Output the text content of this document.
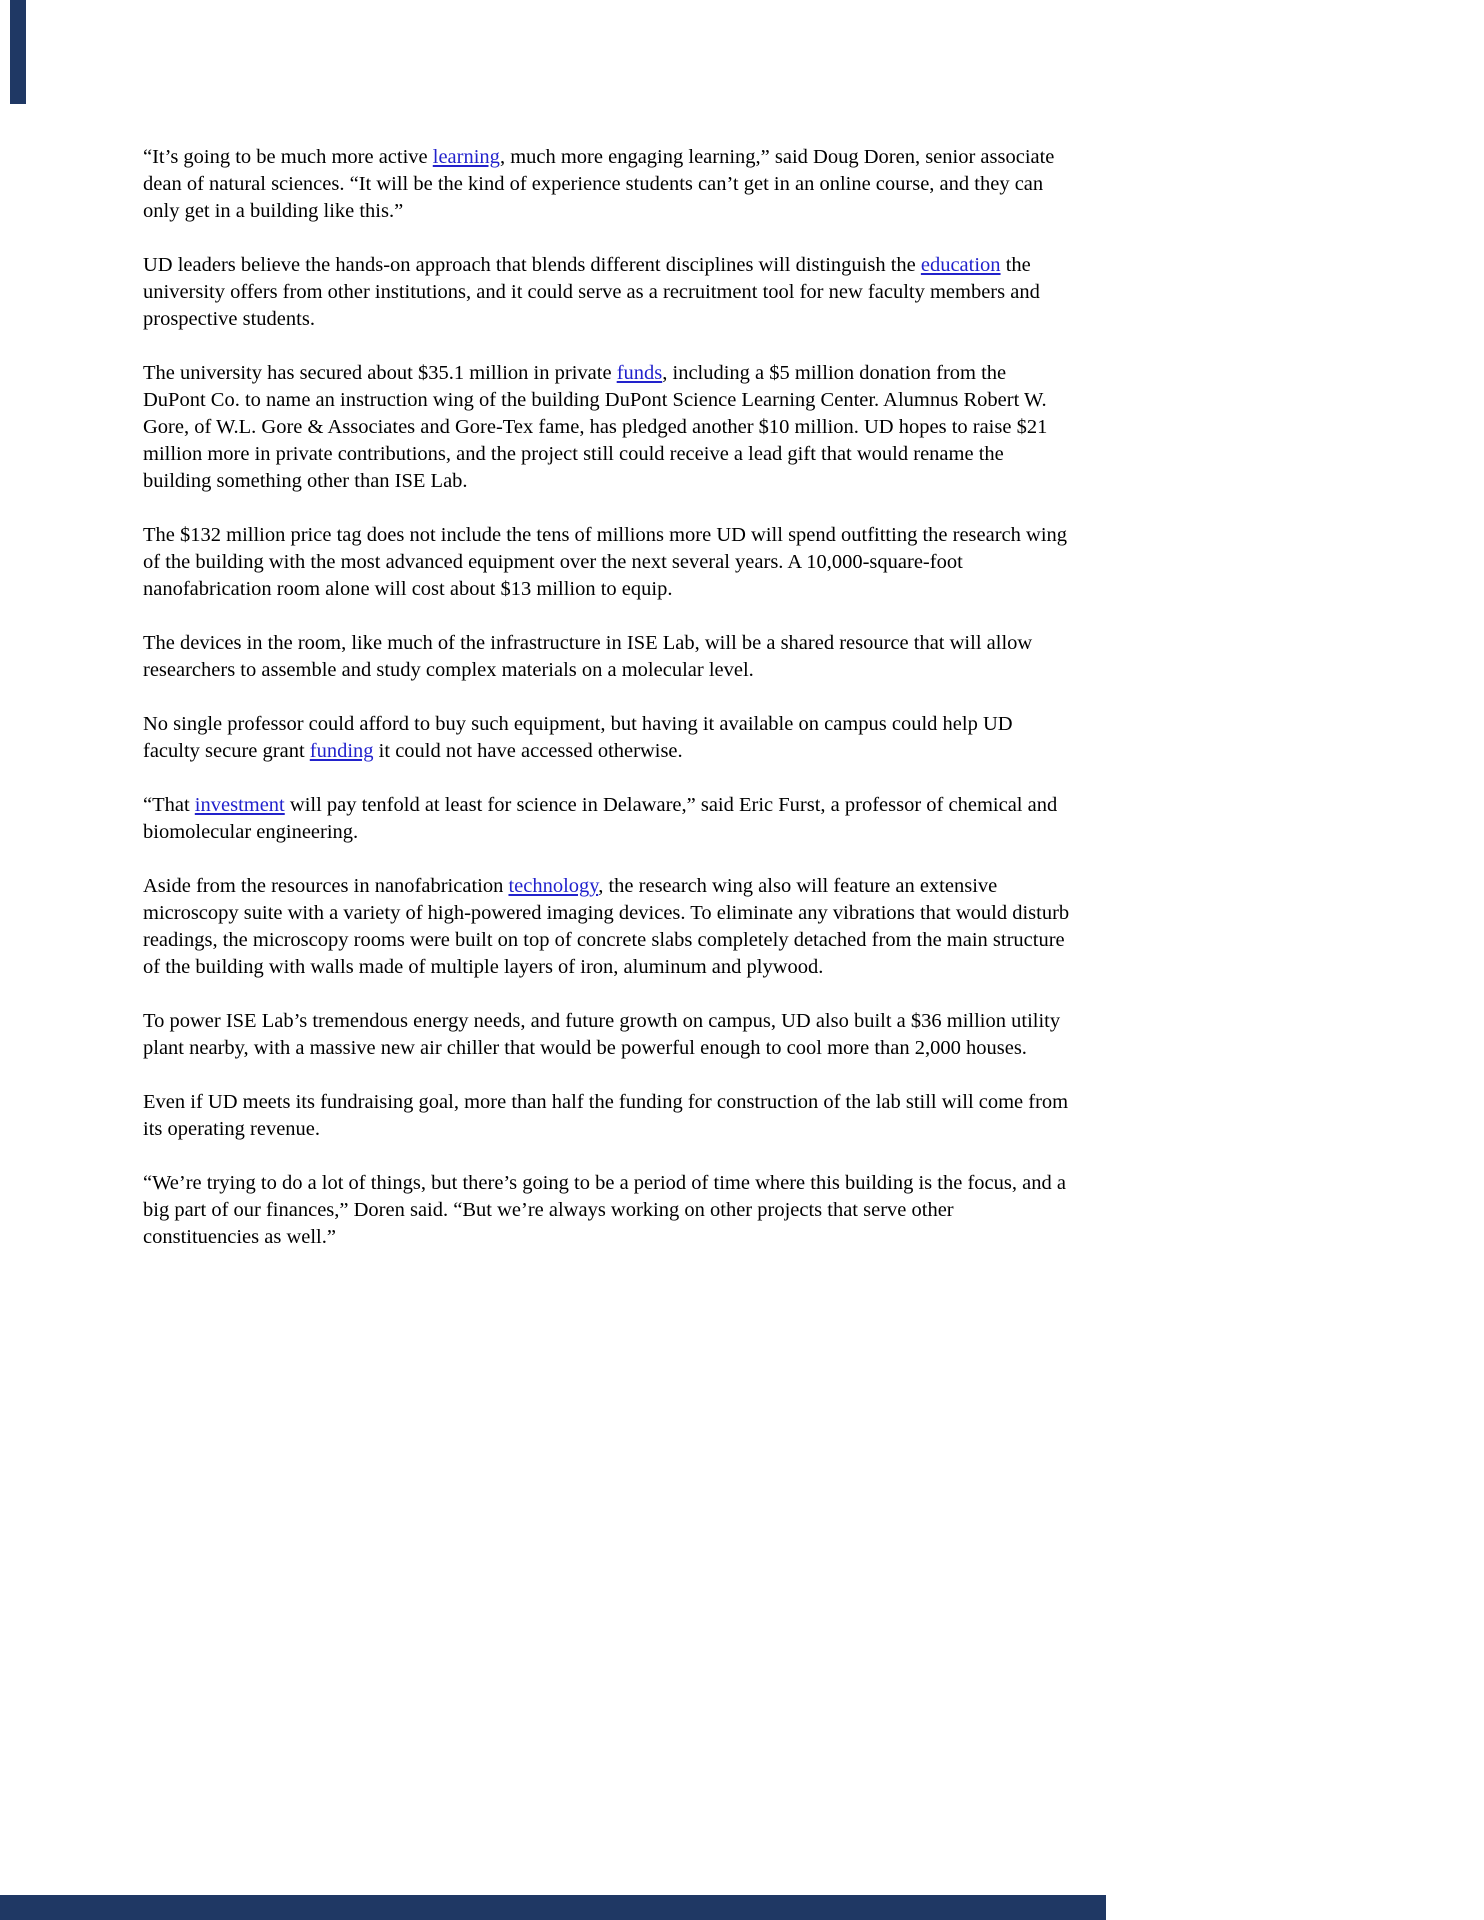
“It’s going to be much more active learning, much more engaging learning,” said Doug Doren, senior associate dean of natural sciences. “It will be the kind of experience students can’t get in an online course, and they can only get in a building like this.”

UD leaders believe the hands-on approach that blends different disciplines will distinguish the education the university offers from other institutions, and it could serve as a recruitment tool for new faculty members and prospective students.

The university has secured about $35.1 million in private funds, including a $5 million donation from the DuPont Co. to name an instruction wing of the building DuPont Science Learning Center. Alumnus Robert W. Gore, of W.L. Gore & Associates and Gore-Tex fame, has pledged another $10 million. UD hopes to raise $21 million more in private contributions, and the project still could receive a lead gift that would rename the building something other than ISE Lab.

The $132 million price tag does not include the tens of millions more UD will spend outfitting the research wing of the building with the most advanced equipment over the next several years. A 10,000-square-foot nanofabrication room alone will cost about $13 million to equip.

The devices in the room, like much of the infrastructure in ISE Lab, will be a shared resource that will allow researchers to assemble and study complex materials on a molecular level.

No single professor could afford to buy such equipment, but having it available on campus could help UD faculty secure grant funding it could not have accessed otherwise.

“That investment will pay tenfold at least for science in Delaware,” said Eric Furst, a professor of chemical and biomolecular engineering.

Aside from the resources in nanofabrication technology, the research wing also will feature an extensive microscopy suite with a variety of high-powered imaging devices. To eliminate any vibrations that would disturb readings, the microscopy rooms were built on top of concrete slabs completely detached from the main structure of the building with walls made of multiple layers of iron, aluminum and plywood.

To power ISE Lab’s tremendous energy needs, and future growth on campus, UD also built a $36 million utility plant nearby, with a massive new air chiller that would be powerful enough to cool more than 2,000 houses.

Even if UD meets its fundraising goal, more than half the funding for construction of the lab still will come from its operating revenue.

“We’re trying to do a lot of things, but there’s going to be a period of time where this building is the focus, and a big part of our finances,” Doren said. “But we’re always working on other projects that serve other constituencies as well.”
